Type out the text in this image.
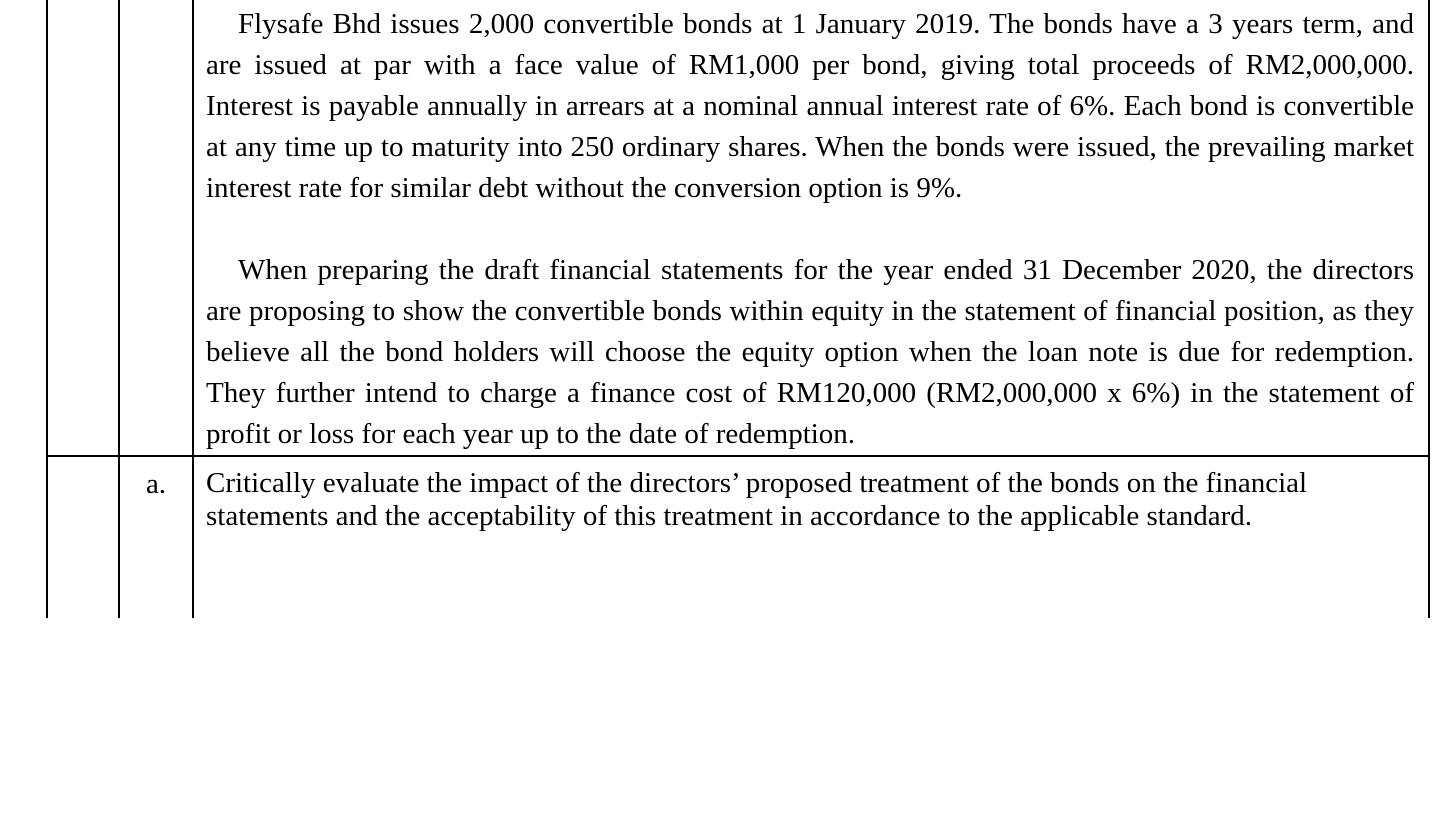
		Flysafe Bhd issues 2,000 convertible bonds at 1 January 2019. The bonds have a 3 years term, and are issued at par with a face value of RM1,000 per bond, giving total proceeds of RM2,000,000. Interest is payable annually in arrears at a nominal annual interest rate of 6%. Each bond is convertible at any time up to maturity into 250 ordinary shares. When the bonds were issued, the prevailing market interest rate for similar debt without the conversion option is 9%.

When preparing the draft financial statements for the year ended 31 December 2020, the directors are proposing to show the convertible bonds within equity in the statement of financial position, as they believe all the bond holders will choose the equity option when the loan note is due for redemption. They further intend to charge a finance cost of RM120,000 (RM2,000,000 x 6%) in the statement of profit or loss for each year up to the date of redemption.

	a.	Critically evaluate the impact of the directors’ proposed treatment of the bonds on the financial statements and the acceptability of this treatment in accordance to the applicable standard.
